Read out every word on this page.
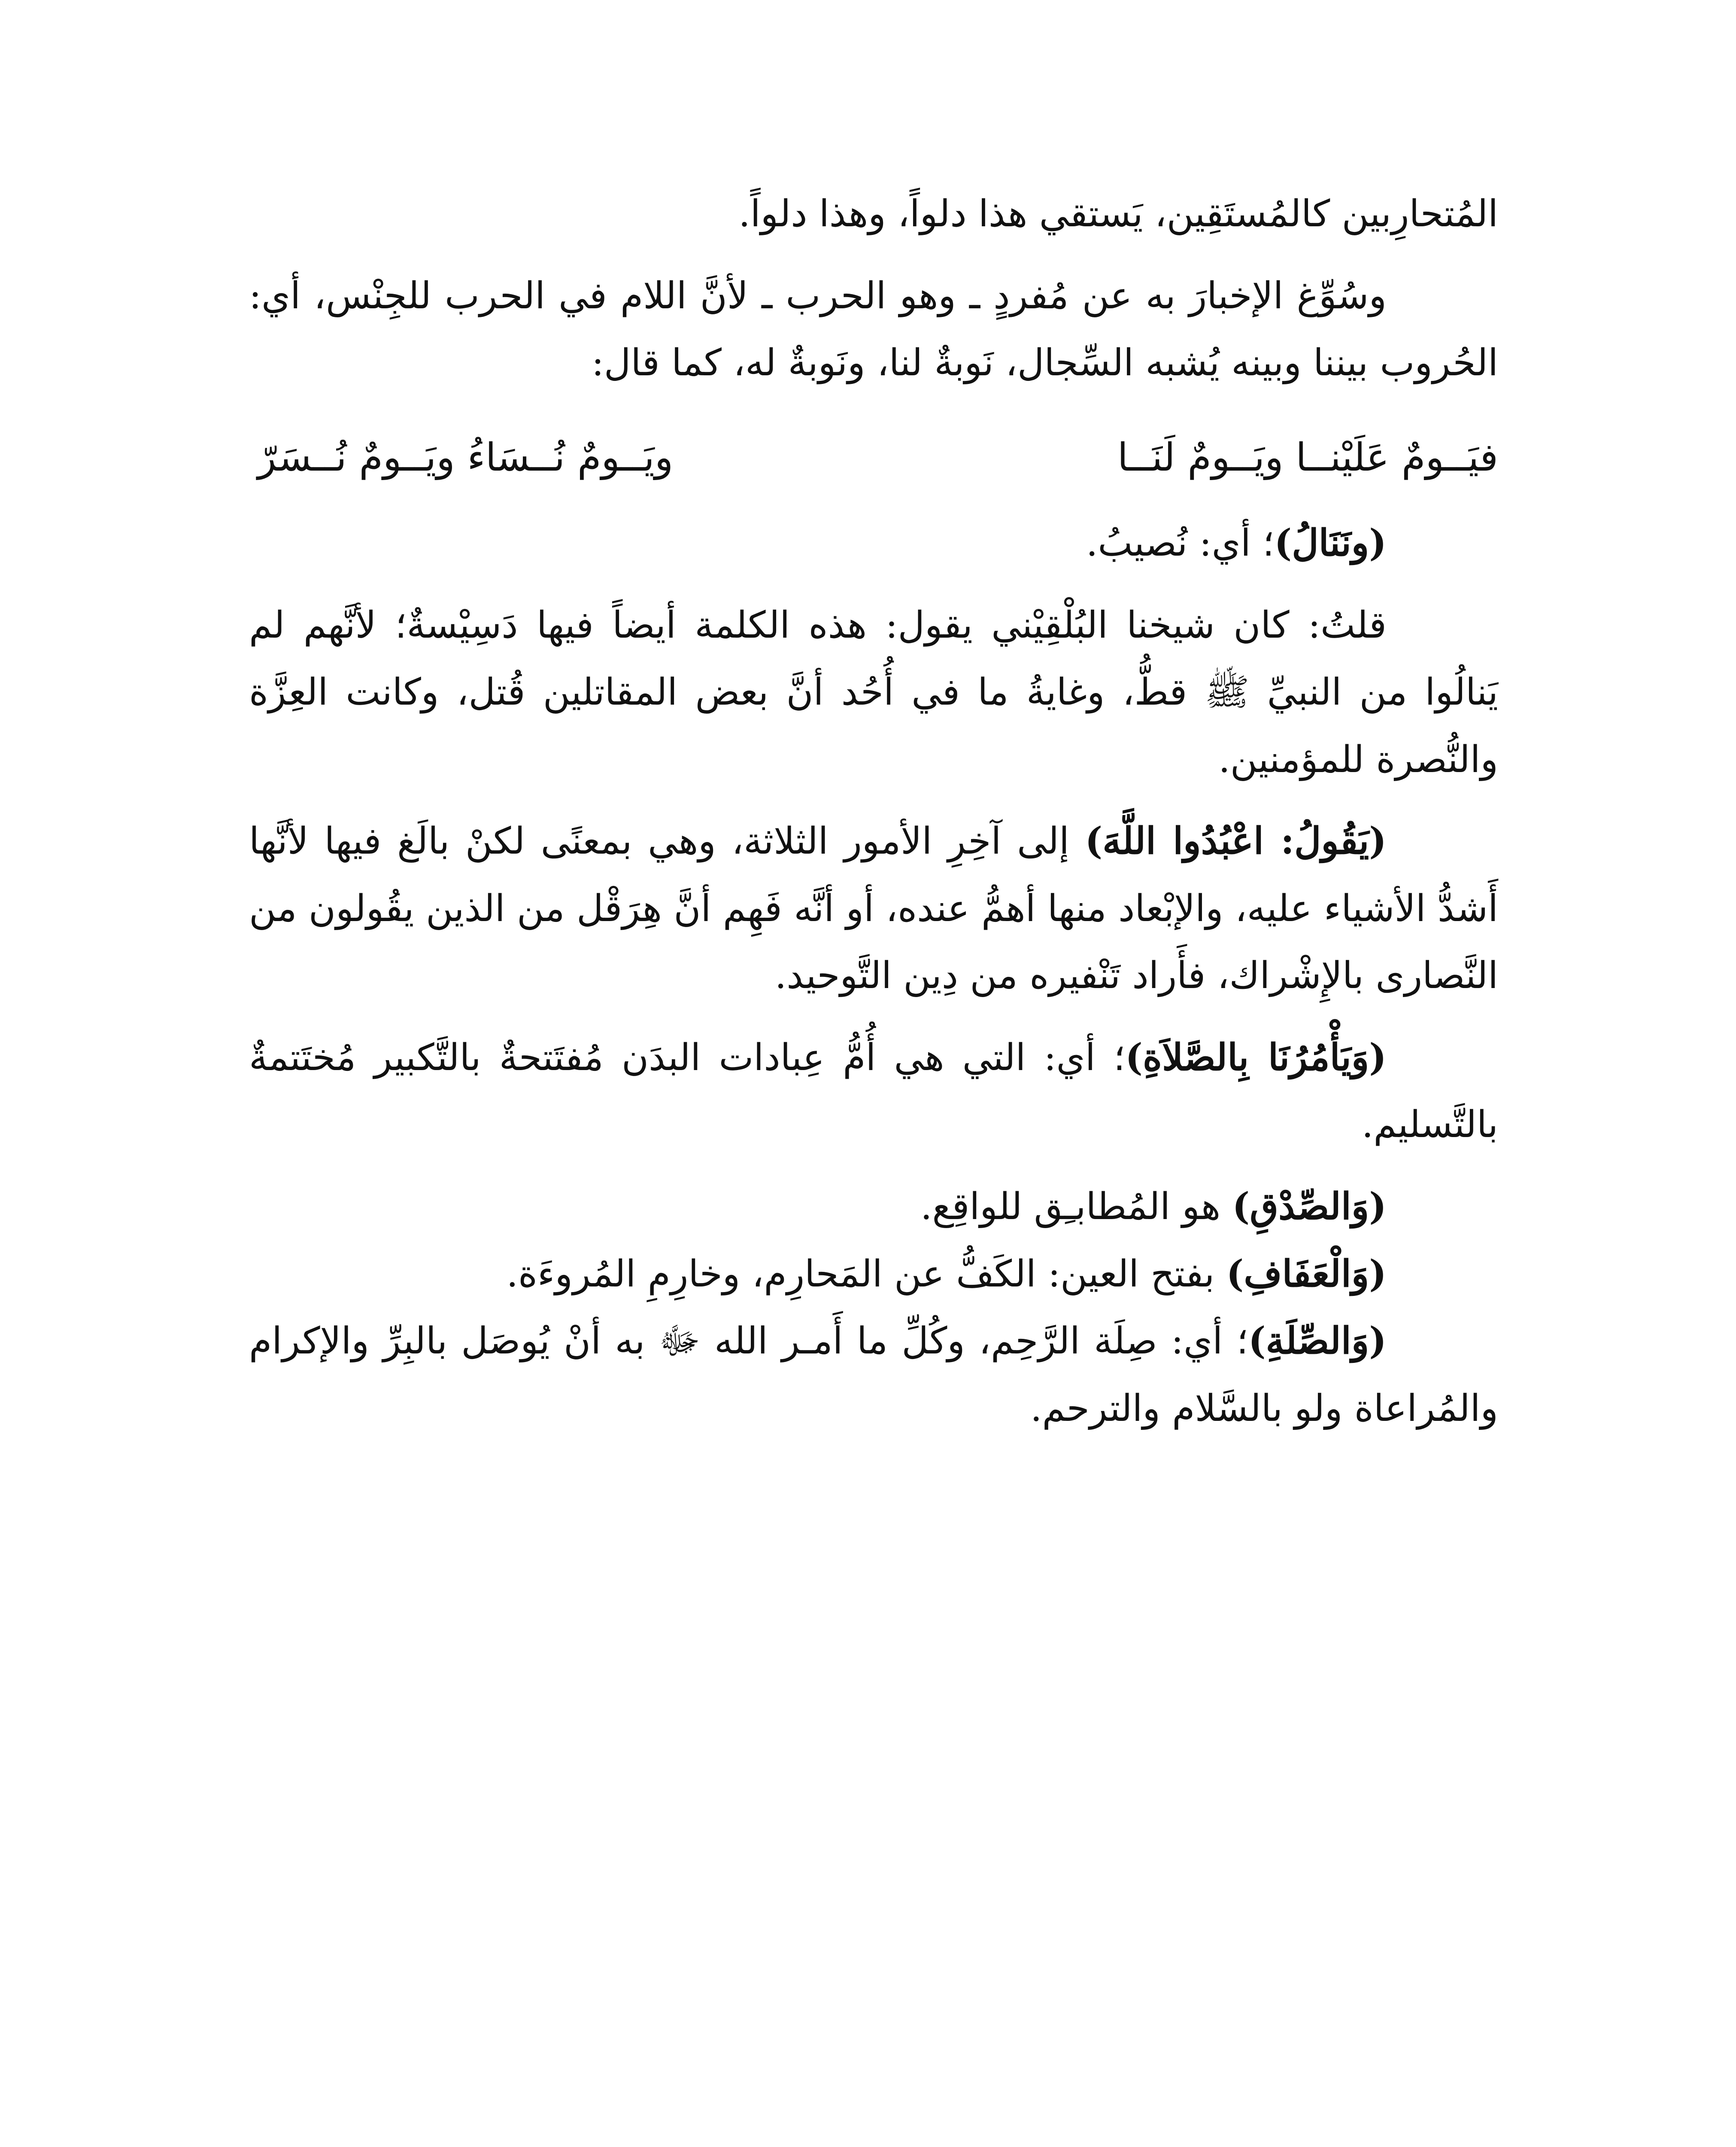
المُتحارِبين كالمُستَقِين، يَستقي هذا دلواً، وهذا دلواً.

وسُوِّغ الإخبارَ به عن مُفردٍ ـ وهو الحرب ـ لأنَّ اللام في الحرب للجِنْس، أي: الحُروب بيننا وبينه يُشبه السِّجال، نَوبةٌ لنا، ونَوبةٌ له، كما قال:

فيَــومٌ عَلَيْنــا ويَــومٌ لَنَــا
ويَــومٌ نُــسَاءُ ويَــومٌ نُــسَرّ

(ونَنَالُ)؛ أي: نُصيبُ.

قلتُ: كان شيخنا البُلْقِيْني يقول: هذه الكلمة أيضاً فيها دَسِيْسةٌ؛ لأنَّهم لم يَنالُوا من النبيِّ ﷺ قطُّ، وغايةُ ما في أُحُد أنَّ بعض المقاتلين قُتل، وكانت العِزَّة والنُّصرة للمؤمنين.

(يَقُولُ: اعْبُدُوا اللَّهَ) إلى آخِرِ الأمور الثلاثة، وهي بمعنًى لكنْ بالَغ فيها لأنَّها أَشدُّ الأشياء عليه، والإبْعاد منها أهمُّ عنده، أو أنَّه فَهِم أنَّ هِرَقْل من الذين يقُولون من النَّصارى بالإِشْراك، فأَراد تَنْفيره من دِين التَّوحيد.

(وَيَأْمُرُنَا بِالصَّلاَةِ)؛ أي: التي هي أُمُّ عِبادات البدَن مُفتَتحةٌ بالتَّكبير مُختَتمةٌ بالتَّسليم.

(وَالصِّدْقِ) هو المُطابـِق للواقِع.

(وَالْعَفَافِ) بفتح العين: الكَفُّ عن المَحارِم، وخارِمِ المُروءَة.

(وَالصِّلَةِ)؛ أي: صِلَة الرَّحِم، وكُلِّ ما أَمـر الله ﷻ به أنْ يُوصَل بالبِرِّ والإكرام والمُراعاة ولو بالسَّلام والترحم.
